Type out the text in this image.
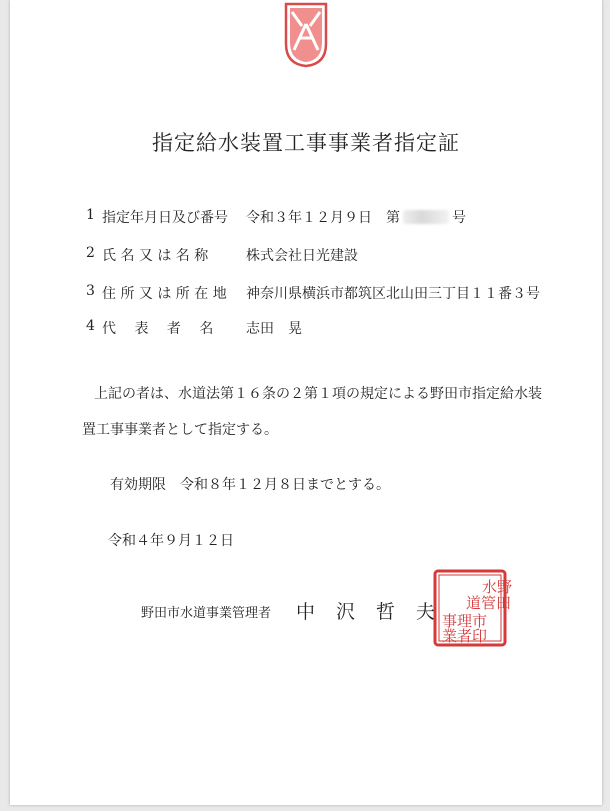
指定給水装置工事事業者指定証
1 指定年月日及び番号 令和３年１２月９日 第	号
2 氏 名 又 は 名 称	株式会社日光建設
3 住 所 又 は 所 在 地 神奈川県横浜市都筑区北山田三丁目１１番３号
4 代　 表　 者　 名 志田　晃
上記の者は、水道法第１６条の２第１項の規定による野田市指定給水装
置工事事業者として指定する。
有効期限　令和８年１２月８日までとする。
令和４年９月１２日
野田市水道事業管理者 中　沢 哲　夫
水野
道管田
事理市
業者印
